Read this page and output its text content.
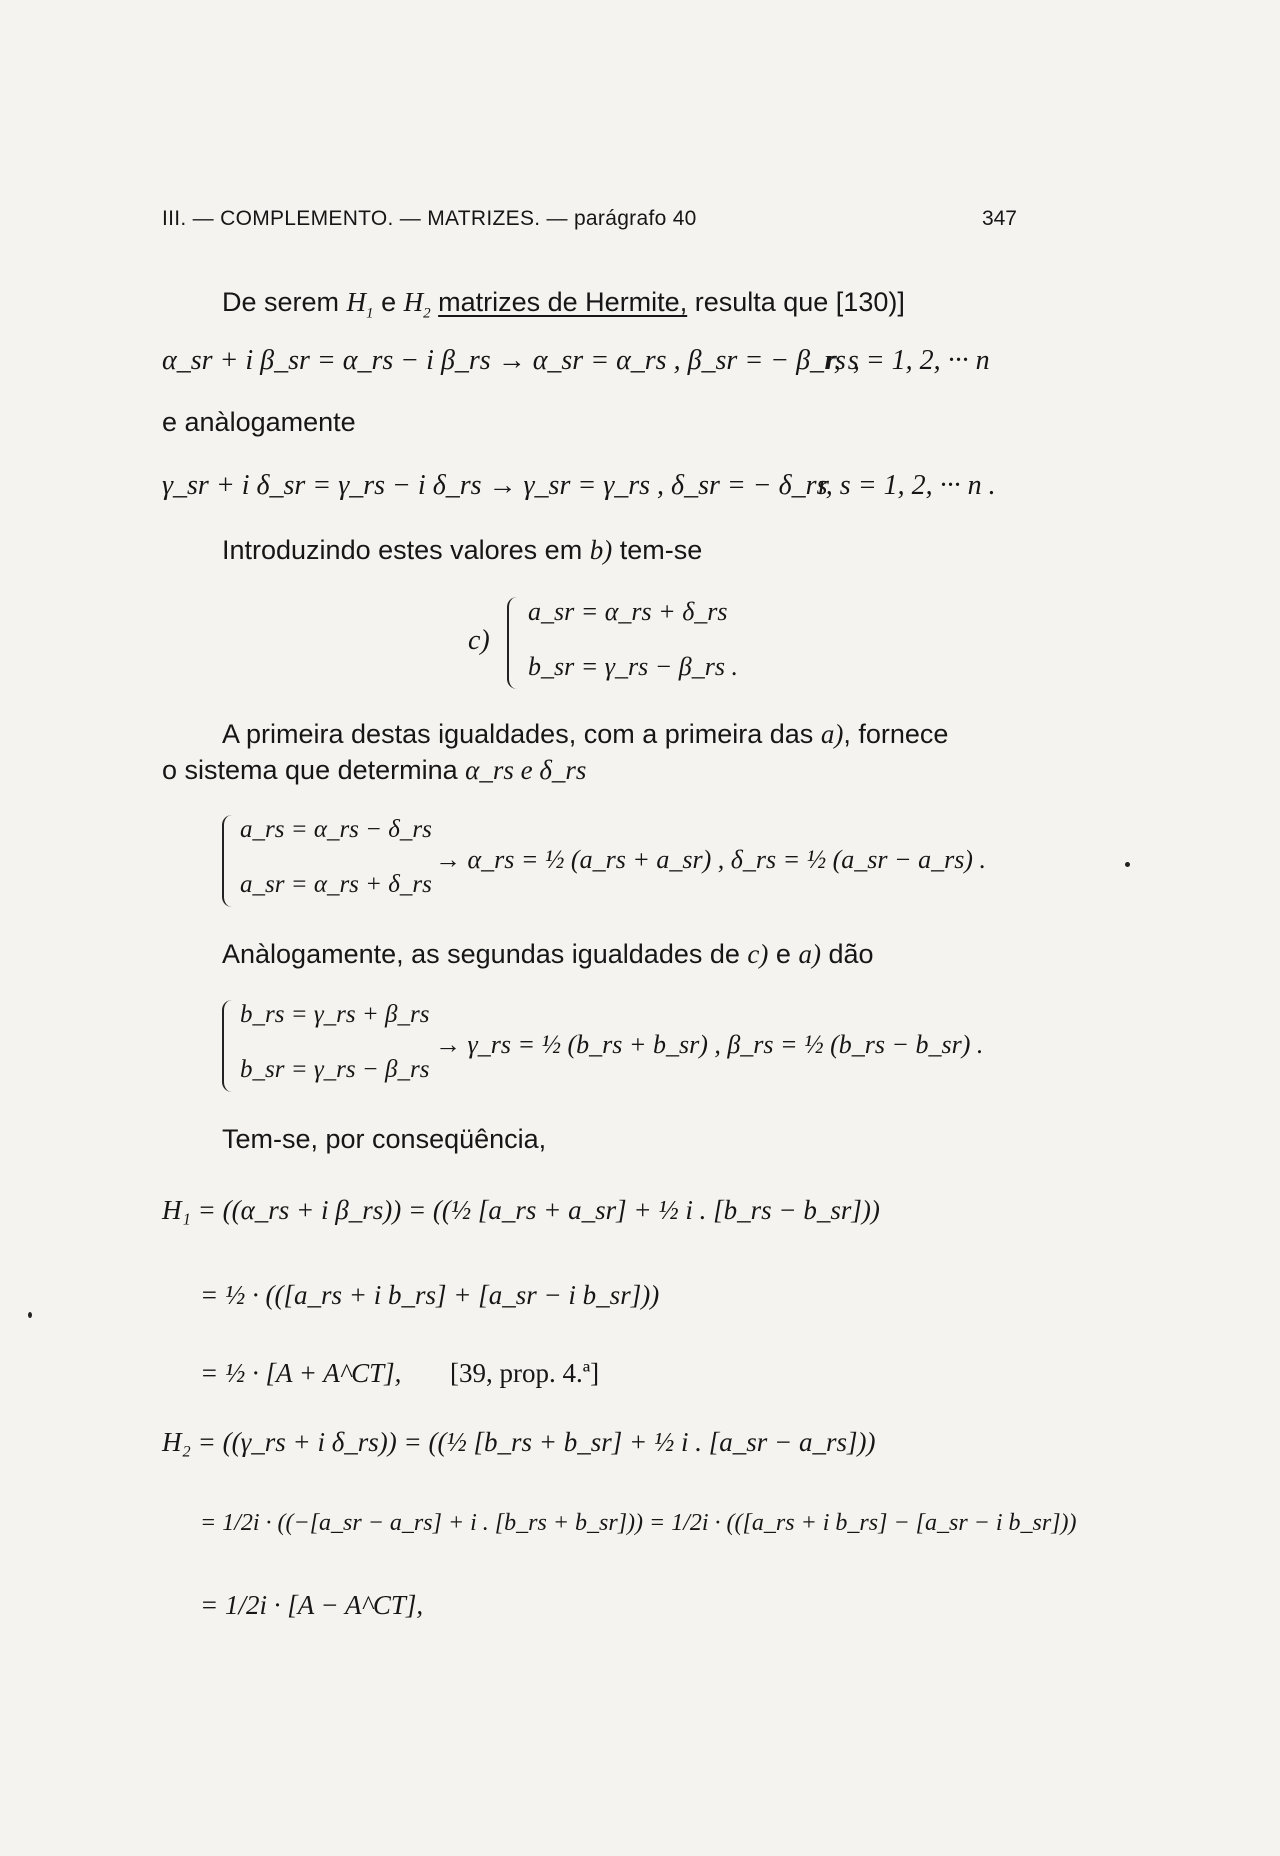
III. — COMPLEMENTO. — MATRIZES. — parágrafo 40	347
De serem $H_1$ e $H_2$ matrizes de Hermite, resulta que [130)]
α_sr + i β_sr = α_rs − i β_rs → α_sr = α_rs , β_sr = − β_rs ,
r, s = 1, 2, ··· n
e anàlogamente
γ_sr + i δ_sr = γ_rs − i δ_rs → γ_sr = γ_rs , δ_sr = − δ_rs
r, s = 1, 2, ··· n .
Introduzindo estes valores em b) tem-se
c)
a_sr = α_rs + δ_rs
b_sr = γ_rs − β_rs .
A primeira destas igualdades, com a primeira das a), fornece
o sistema que determina α_rs e δ_rs
a_rs = α_rs − δ_rs
a_sr = α_rs + δ_rs
→ α_rs = ½ (a_rs + a_sr) , δ_rs = ½ (a_sr − a_rs) .
Anàlogamente, as segundas igualdades de c) e a) dão
b_rs = γ_rs + β_rs
b_sr = γ_rs − β_rs
→ γ_rs = ½ (b_rs + b_sr) , β_rs = ½ (b_rs − b_sr) .
Tem-se, por conseqüência,
H₁ = ((α_rs + i β_rs)) = ((½ [a_rs + a_sr] + ½ i . [b_rs − b_sr]))
= ½ · (([a_rs + i b_rs] + [a_sr − i b_sr]))
= ½ · [A + A^CT], [39, prop. 4.ª]
H₂ = ((γ_rs + i δ_rs)) = ((½ [b_rs + b_sr] + ½ i . [a_sr − a_rs]))
= 1/2i · ((−[a_sr − a_rs] + i . [b_rs + b_sr])) = 1/2i · (([a_rs + i b_rs] − [a_sr − i b_sr]))
= 1/2i · [A − A^CT],
